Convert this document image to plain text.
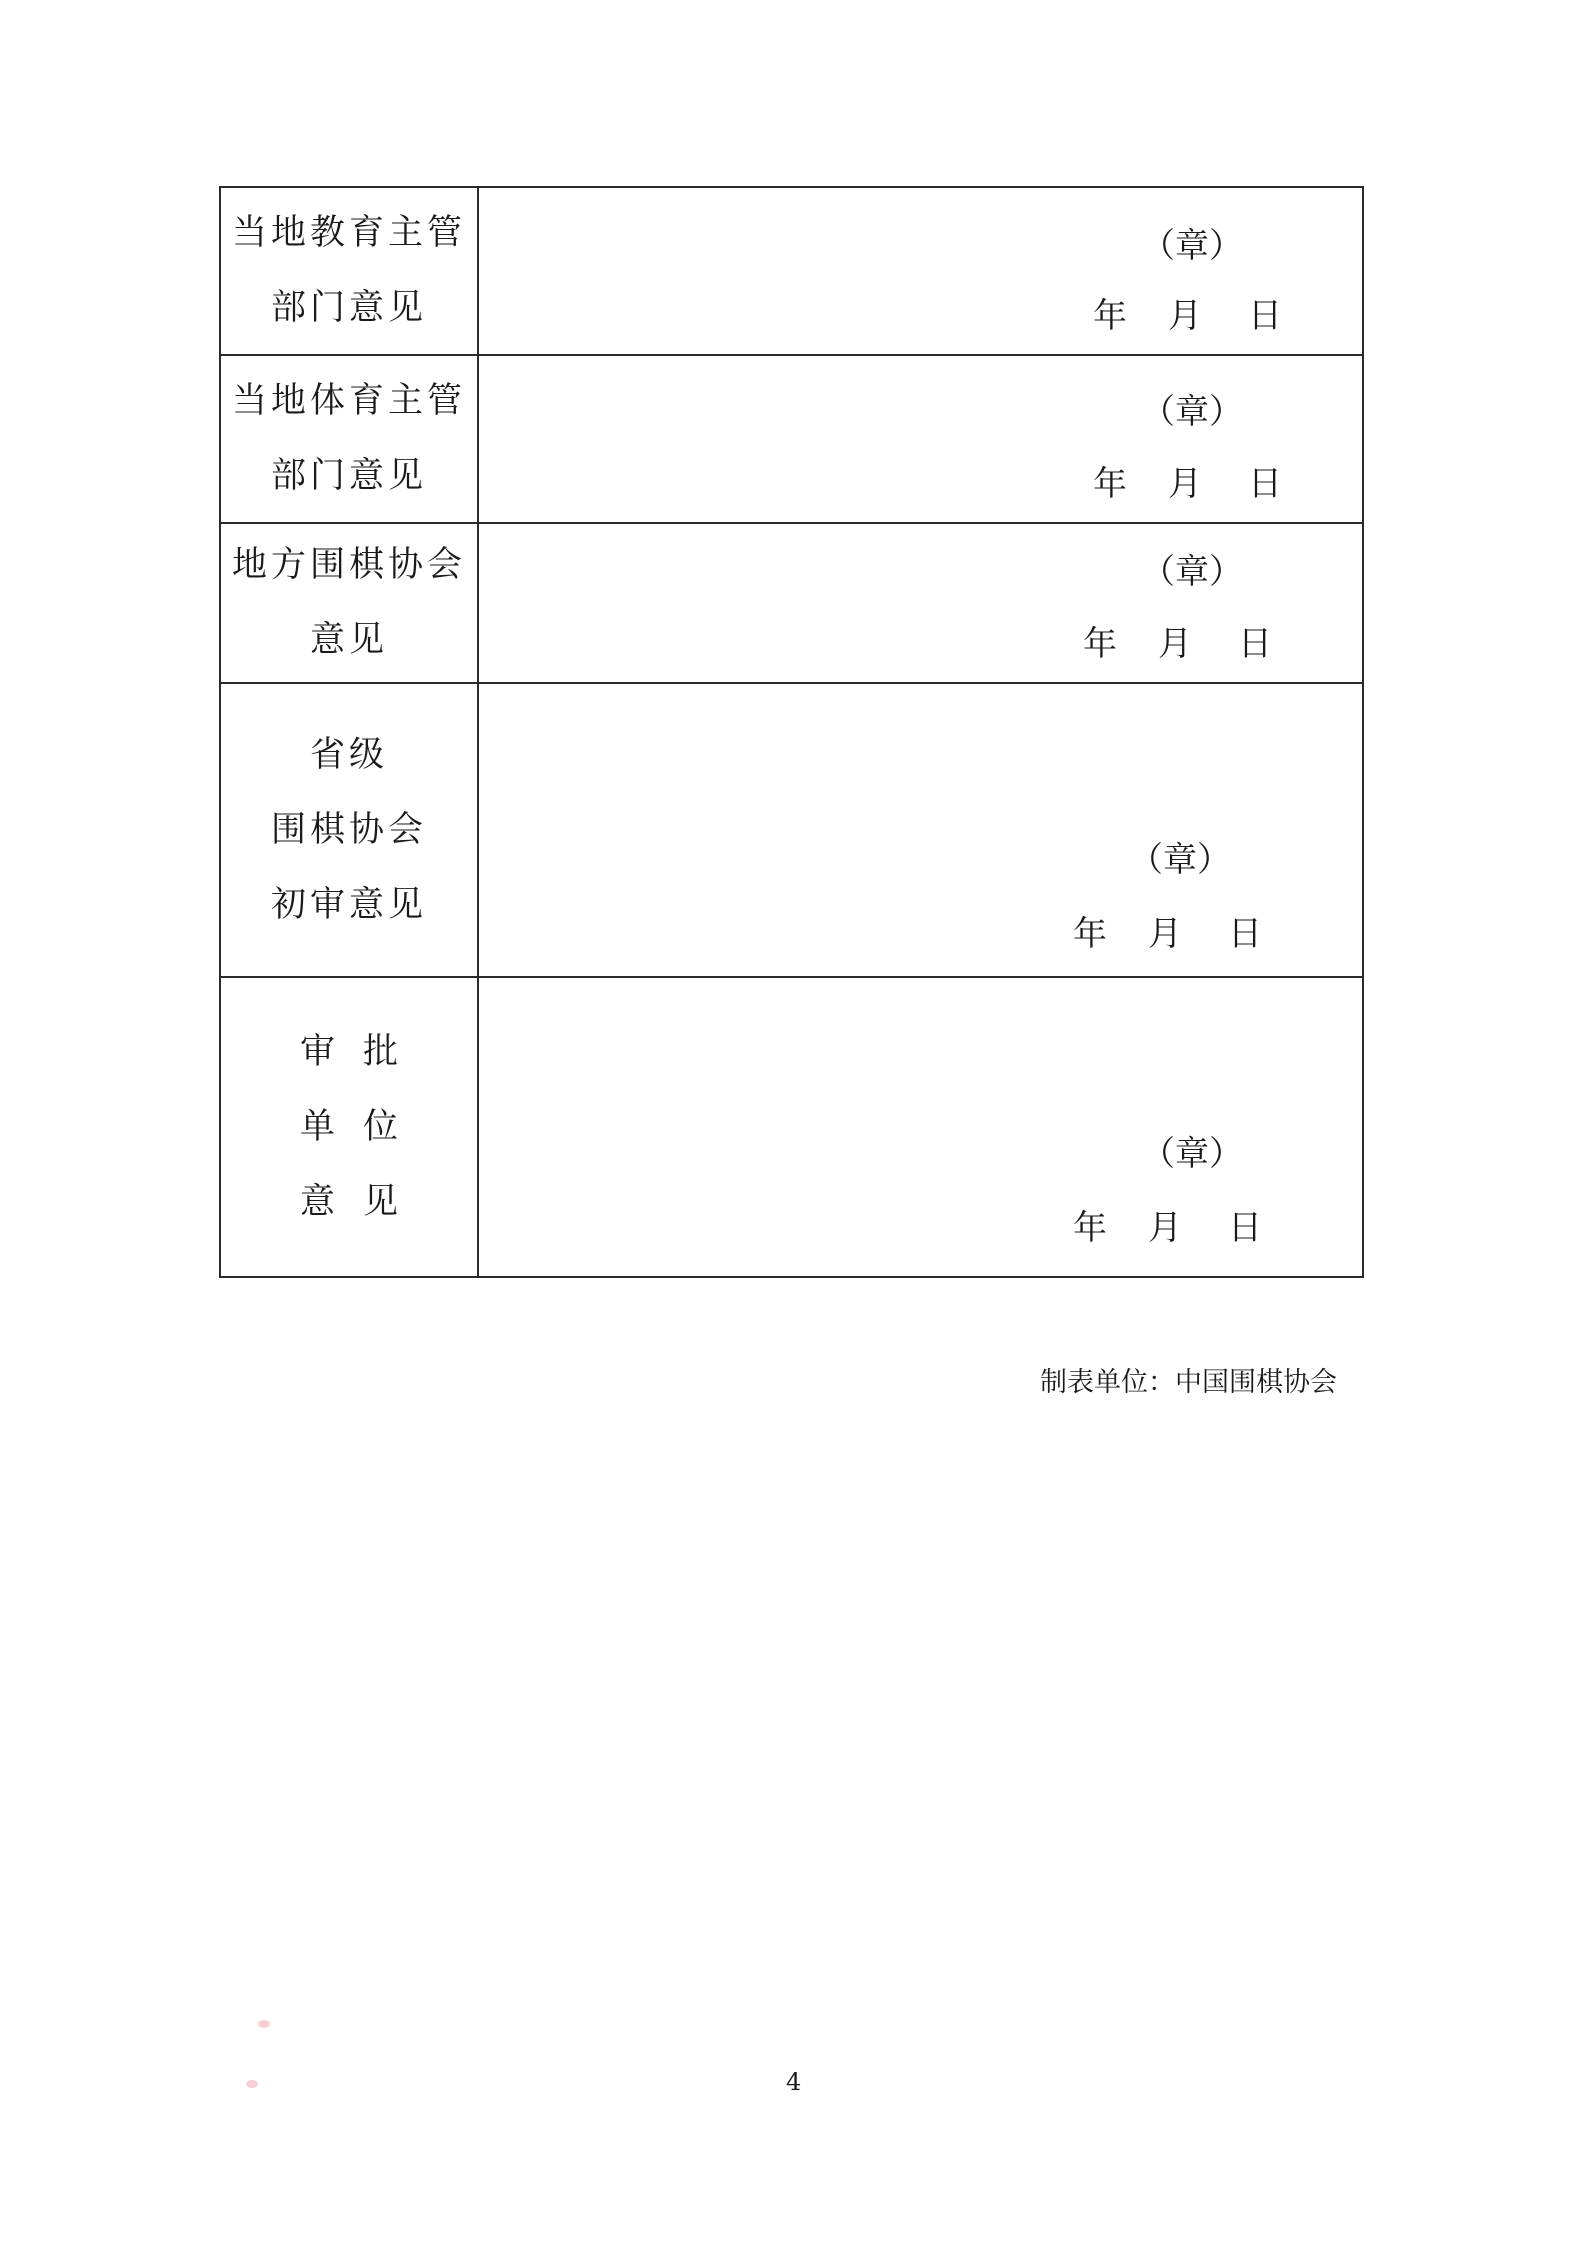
当地教育主管
部门意见	（章）
年 月 日

当地体育主管
部门意见	（章）
年 月 日

地方围棋协会
意见	（章）
年 月 日

省级
围棋协会
初审意见	（章）
年 月 日

审批
单位
意见	（章）
年 月 日
制表单位：中国围棋协会
4
